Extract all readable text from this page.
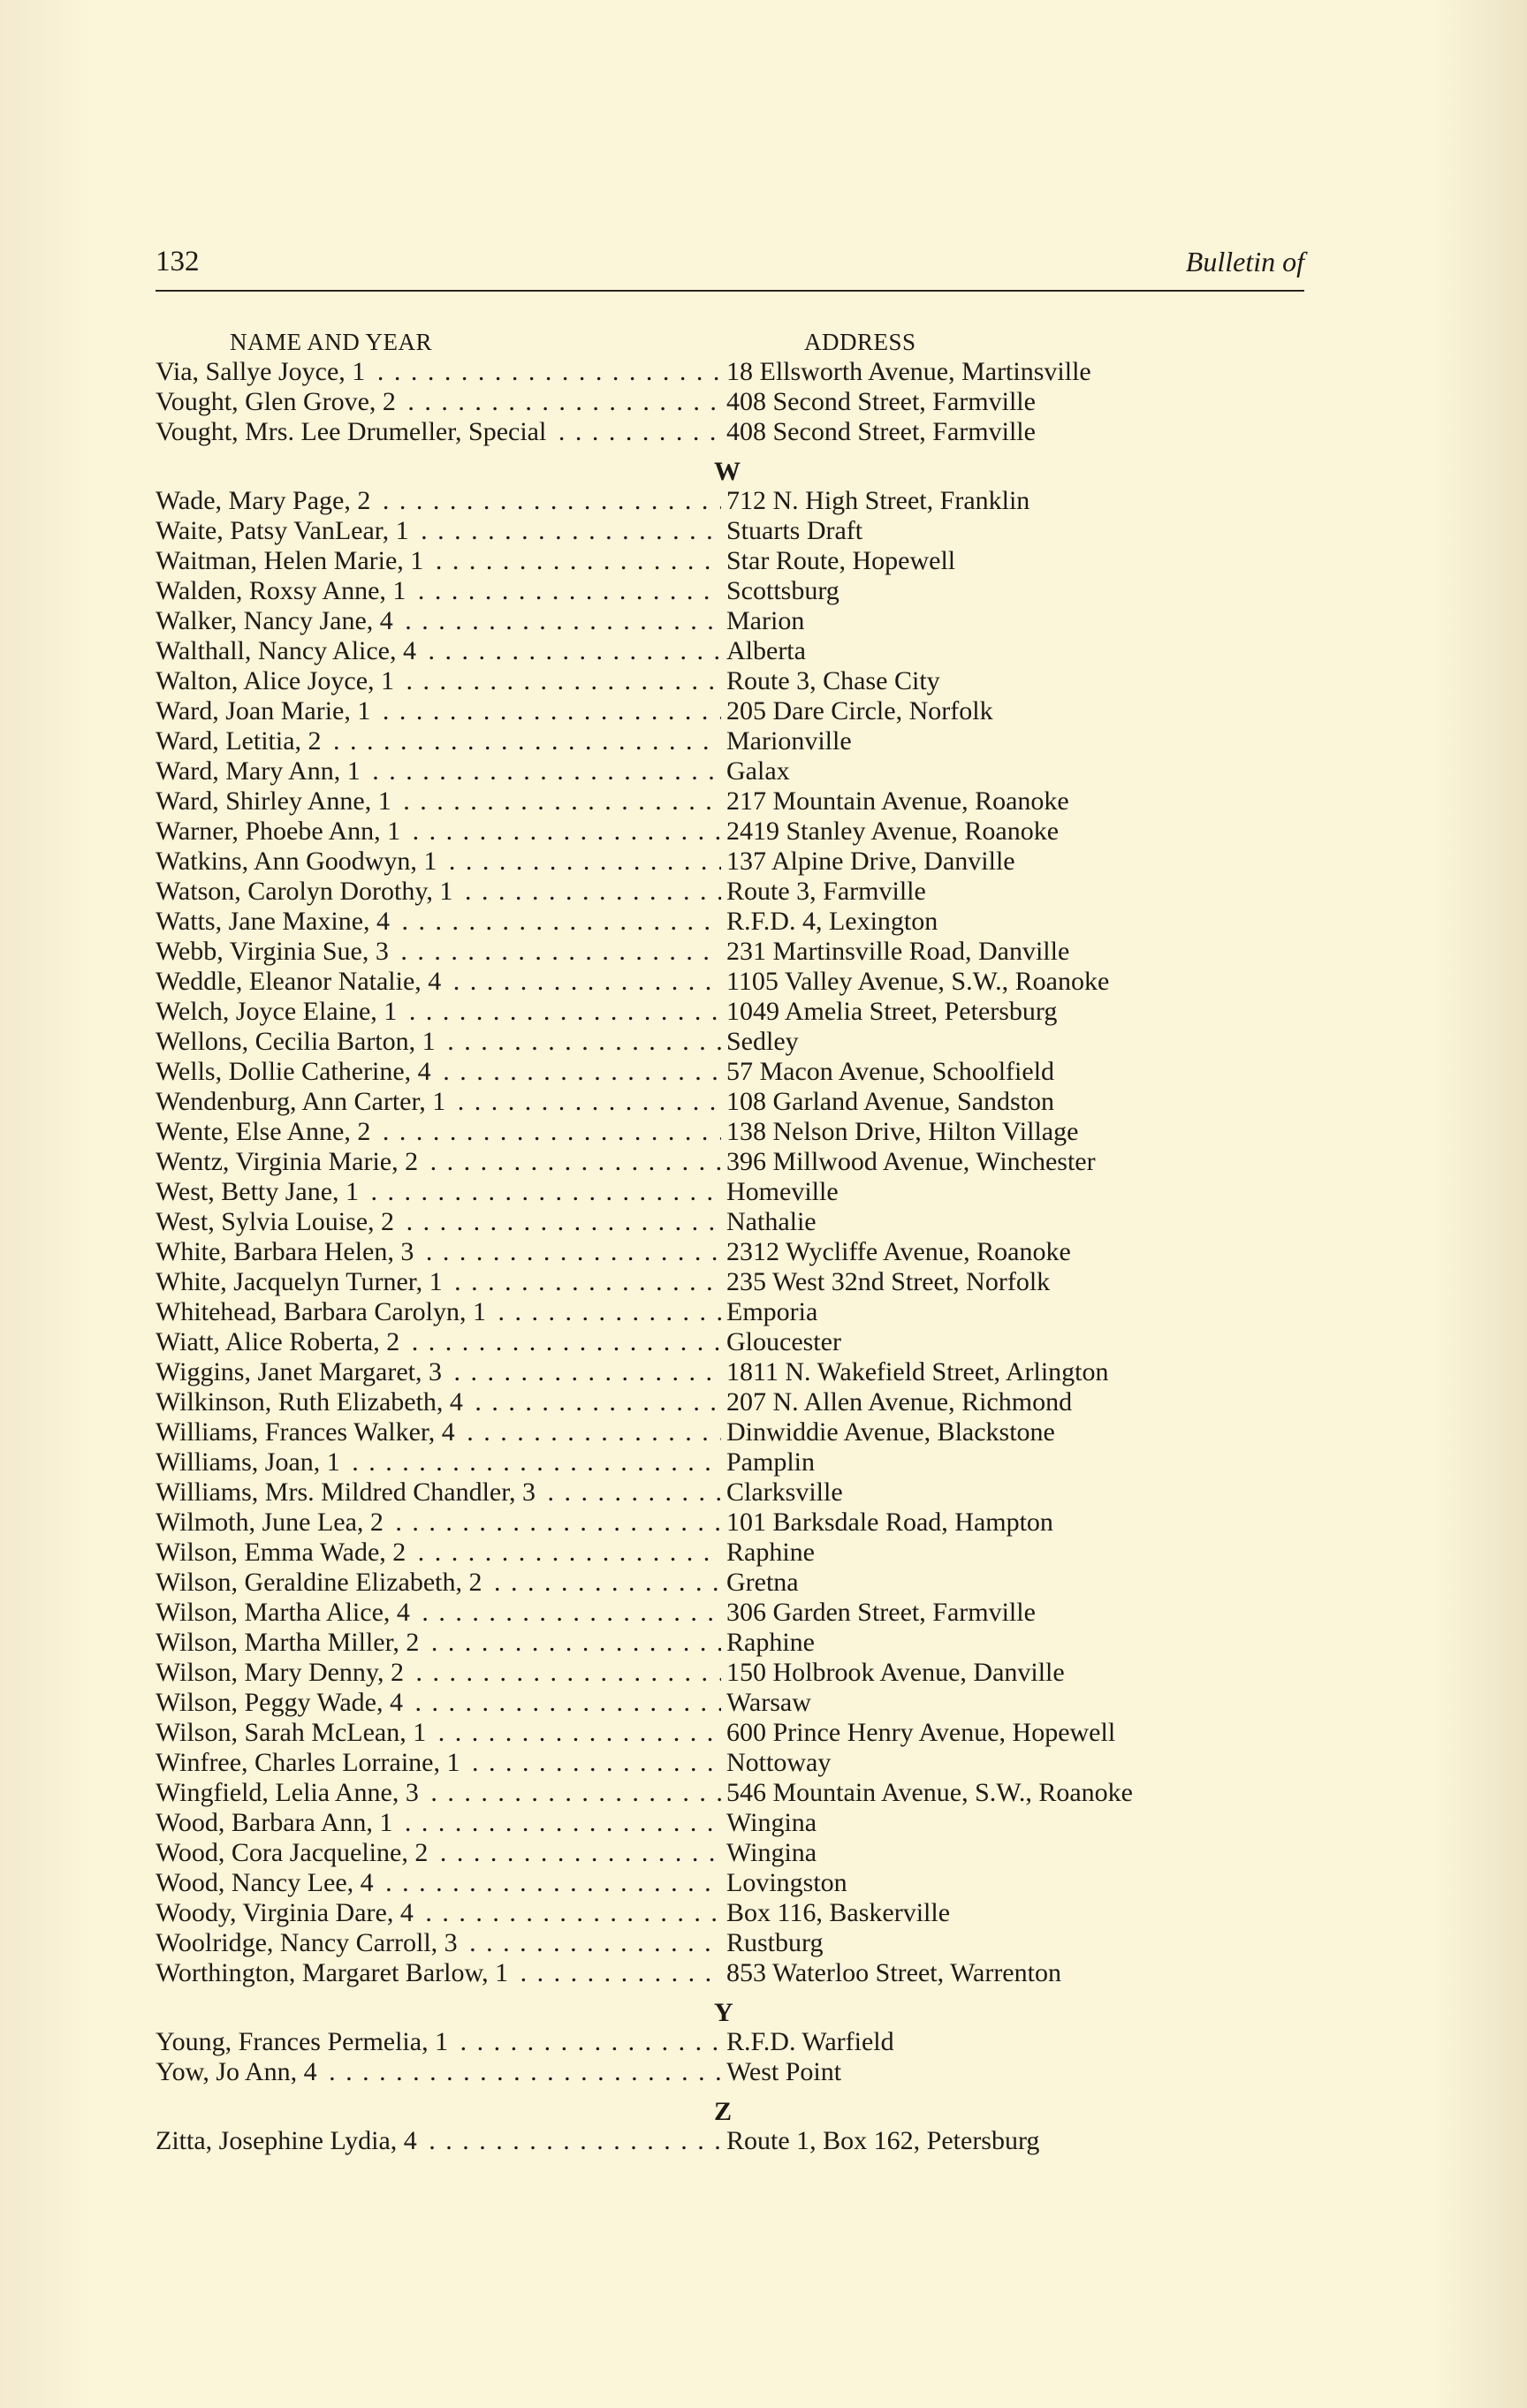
132	Bulletin of
NAME AND YEAR	ADDRESS
Via, Sallye Joyce, 1 . . .	18 Ellsworth Avenue, Martinsville
Vought, Glen Grove, 2 . . .	408 Second Street, Farmville
Vought, Mrs. Lee Drumeller, Special . . .	408 Second Street, Farmville
W
Wade, Mary Page, 2 . . .	712 N. High Street, Franklin
Waite, Patsy VanLear, 1 . . .	Stuarts Draft
Waitman, Helen Marie, 1 . . .	Star Route, Hopewell
Walden, Roxsy Anne, 1 . . .	Scottsburg
Walker, Nancy Jane, 4 . . .	Marion
Walthall, Nancy Alice, 4 . . .	Alberta
Walton, Alice Joyce, 1 . . .	Route 3, Chase City
Ward, Joan Marie, 1 . . .	205 Dare Circle, Norfolk
Ward, Letitia, 2 . . .	Marionville
Ward, Mary Ann, 1 . . .	Galax
Ward, Shirley Anne, 1 . . .	217 Mountain Avenue, Roanoke
Warner, Phoebe Ann, 1 . . .	2419 Stanley Avenue, Roanoke
Watkins, Ann Goodwyn, 1 . . .	137 Alpine Drive, Danville
Watson, Carolyn Dorothy, 1 . . .	Route 3, Farmville
Watts, Jane Maxine, 4 . . .	R.F.D. 4, Lexington
Webb, Virginia Sue, 3 . . .	231 Martinsville Road, Danville
Weddle, Eleanor Natalie, 4 . . .	1105 Valley Avenue, S.W., Roanoke
Welch, Joyce Elaine, 1 . . .	1049 Amelia Street, Petersburg
Wellons, Cecilia Barton, 1 . . .	Sedley
Wells, Dollie Catherine, 4 . . .	57 Macon Avenue, Schoolfield
Wendenburg, Ann Carter, 1 . . .	108 Garland Avenue, Sandston
Wente, Else Anne, 2 . . .	138 Nelson Drive, Hilton Village
Wentz, Virginia Marie, 2 . . .	396 Millwood Avenue, Winchester
West, Betty Jane, 1 . . .	Homeville
West, Sylvia Louise, 2 . . .	Nathalie
White, Barbara Helen, 3 . . .	2312 Wycliffe Avenue, Roanoke
White, Jacquelyn Turner, 1 . . .	235 West 32nd Street, Norfolk
Whitehead, Barbara Carolyn, 1 . . .	Emporia
Wiatt, Alice Roberta, 2 . . .	Gloucester
Wiggins, Janet Margaret, 3 . . .	1811 N. Wakefield Street, Arlington
Wilkinson, Ruth Elizabeth, 4 . . .	207 N. Allen Avenue, Richmond
Williams, Frances Walker, 4 . . .	Dinwiddie Avenue, Blackstone
Williams, Joan, 1 . . .	Pamplin
Williams, Mrs. Mildred Chandler, 3 . . .	Clarksville
Wilmoth, June Lea, 2 . . .	101 Barksdale Road, Hampton
Wilson, Emma Wade, 2 . . .	Raphine
Wilson, Geraldine Elizabeth, 2 . . .	Gretna
Wilson, Martha Alice, 4 . . .	306 Garden Street, Farmville
Wilson, Martha Miller, 2 . . .	Raphine
Wilson, Mary Denny, 2 . . .	150 Holbrook Avenue, Danville
Wilson, Peggy Wade, 4 . . .	Warsaw
Wilson, Sarah McLean, 1 . . .	600 Prince Henry Avenue, Hopewell
Winfree, Charles Lorraine, 1 . . .	Nottoway
Wingfield, Lelia Anne, 3 . . .	546 Mountain Avenue, S.W., Roanoke
Wood, Barbara Ann, 1 . . .	Wingina
Wood, Cora Jacqueline, 2 . . .	Wingina
Wood, Nancy Lee, 4 . . .	Lovingston
Woody, Virginia Dare, 4 . . .	Box 116, Baskerville
Woolridge, Nancy Carroll, 3 . . .	Rustburg
Worthington, Margaret Barlow, 1 . . .	853 Waterloo Street, Warrenton
Y
Young, Frances Permelia, 1 . . .	R.F.D. Warfield
Yow, Jo Ann, 4 . . .	West Point
Z
Zitta, Josephine Lydia, 4 . . .	Route 1, Box 162, Petersburg
